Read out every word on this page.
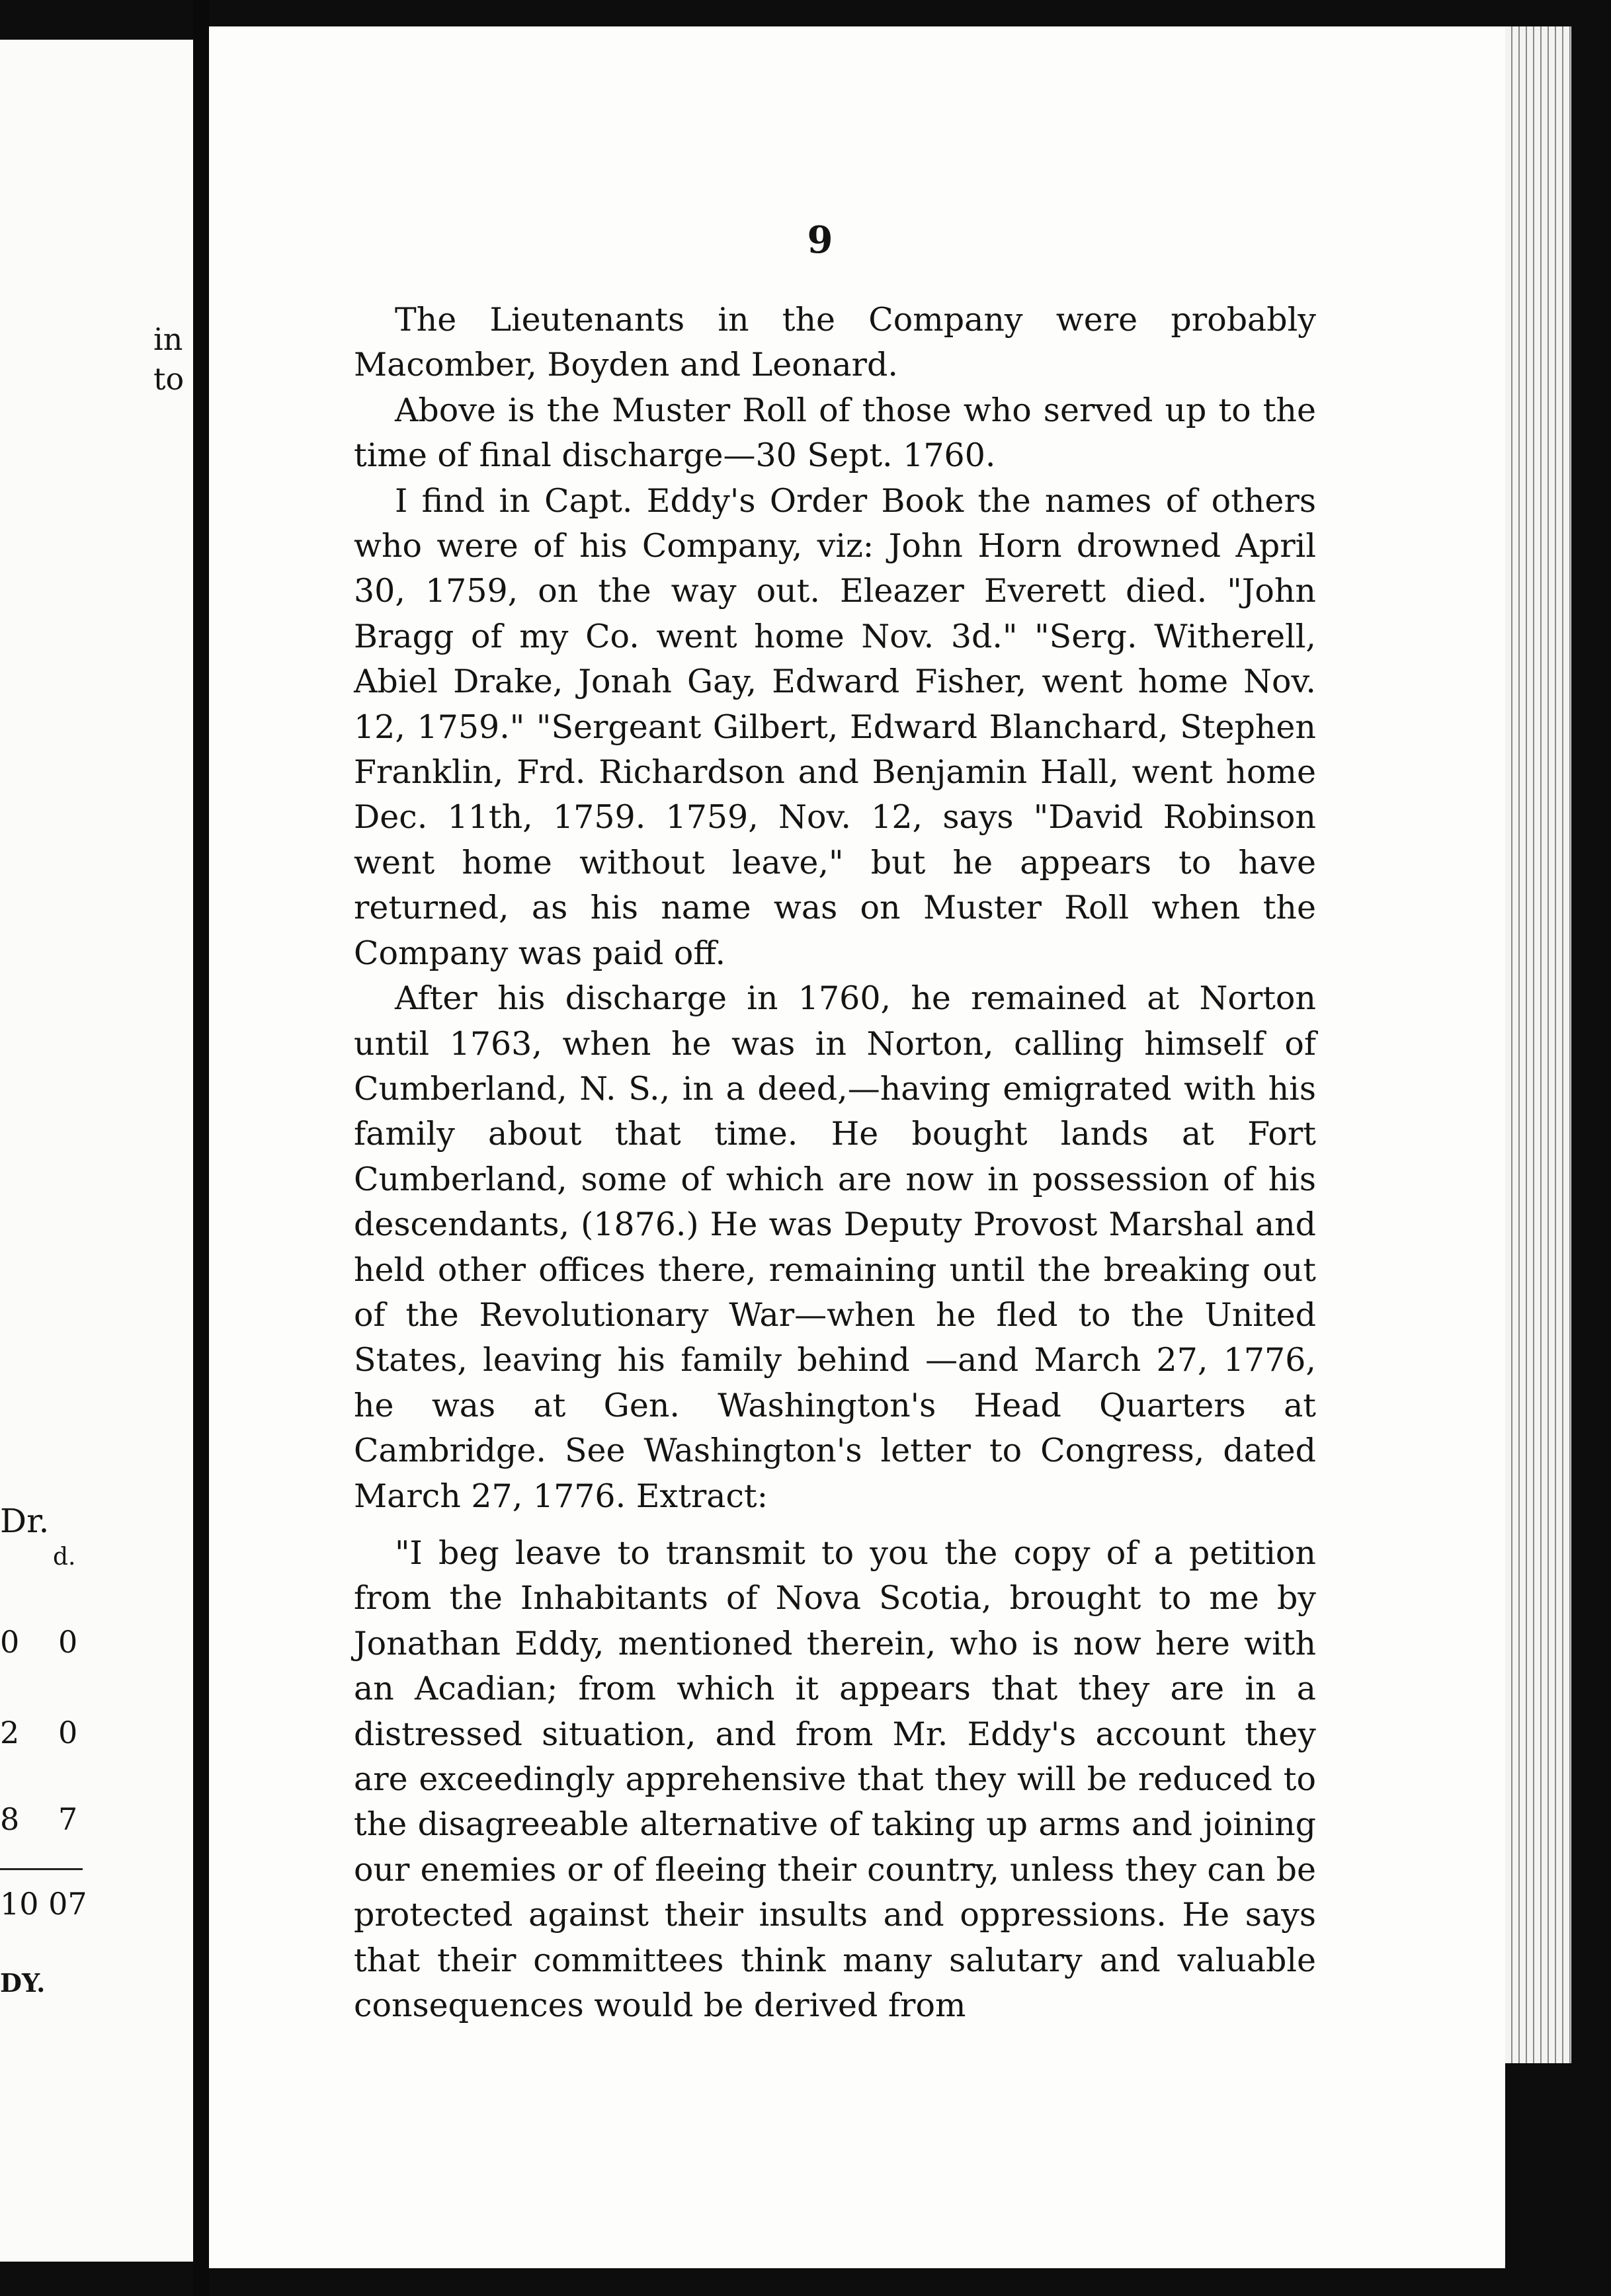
in
to
Dr.
d.
0 0
2 0
8 7
10 07
DY.
9

The Lieutenants in the Company were probably Macomber, Boyden and Leonard.

Above is the Muster Roll of those who served up to the time of final discharge—30 Sept. 1760.

I find in Capt. Eddy's Order Book the names of others who were of his Company, viz: John Horn drowned April 30, 1759, on the way out. Eleazer Everett died. "John Bragg of my Co. went home Nov. 3d." "Serg. Witherell, Abiel Drake, Jonah Gay, Edward Fisher, went home Nov. 12, 1759." "Sergeant Gilbert, Edward Blanchard, Stephen Franklin, Frd. Richardson and Benjamin Hall, went home Dec. 11th, 1759. 1759, Nov. 12, says "David Robinson went home without leave," but he appears to have returned, as his name was on Muster Roll when the Company was paid off.

After his discharge in 1760, he remained at Norton until 1763, when he was in Norton, calling himself of Cumberland, N. S., in a deed,—having emigrated with his family about that time. He bought lands at Fort Cumberland, some of which are now in possession of his descendants, (1876.) He was Deputy Provost Marshal and held other offices there, remaining until the breaking out of the Revolutionary War—when he fled to the United States, leaving his family behind —and March 27, 1776, he was at Gen. Washington's Head Quarters at Cambridge. See Washington's letter to Congress, dated March 27, 1776. Extract:

"I beg leave to transmit to you the copy of a petition from the Inhabitants of Nova Scotia, brought to me by Jonathan Eddy, mentioned therein, who is now here with an Acadian; from which it appears that they are in a distressed situation, and from Mr. Eddy's account they are exceedingly apprehensive that they will be reduced to the disagreeable alternative of taking up arms and joining our enemies or of fleeing their country, unless they can be protected against their insults and oppressions. He says that their committees think many salutary and valuable consequences would be derived from
